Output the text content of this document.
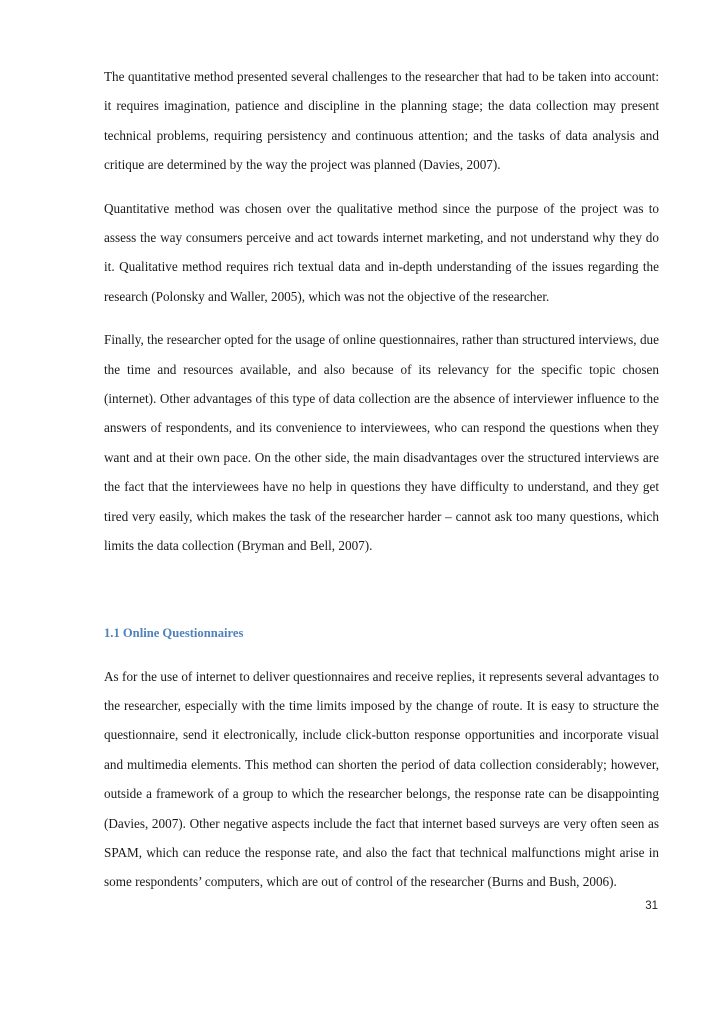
The quantitative method presented several challenges to the researcher that had to be taken into account: it requires imagination, patience and discipline in the planning stage; the data collection may present technical problems, requiring persistency and continuous attention; and the tasks of data analysis and critique are determined by the way the project was planned (Davies, 2007).

Quantitative method was chosen over the qualitative method since the purpose of the project was to assess the way consumers perceive and act towards internet marketing, and not understand why they do it. Qualitative method requires rich textual data and in-depth understanding of the issues regarding the research (Polonsky and Waller, 2005), which was not the objective of the researcher.

Finally, the researcher opted for the usage of online questionnaires, rather than structured interviews, due the time and resources available, and also because of its relevancy for the specific topic chosen (internet). Other advantages of this type of data collection are the absence of interviewer influence to the answers of respondents, and its convenience to interviewees, who can respond the questions when they want and at their own pace. On the other side, the main disadvantages over the structured interviews are the fact that the interviewees have no help in questions they have difficulty to understand, and they get tired very easily, which makes the task of the researcher harder – cannot ask too many questions, which limits the data collection (Bryman and Bell, 2007).

1.1 Online Questionnaires

As for the use of internet to deliver questionnaires and receive replies, it represents several advantages to the researcher, especially with the time limits imposed by the change of route. It is easy to structure the questionnaire, send it electronically, include click-button response opportunities and incorporate visual and multimedia elements. This method can shorten the period of data collection considerably; however, outside a framework of a group to which the researcher belongs, the response rate can be disappointing (Davies, 2007). Other negative aspects include the fact that internet based surveys are very often seen as SPAM, which can reduce the response rate, and also the fact that technical malfunctions might arise in some respondents’ computers, which are out of control of the researcher (Burns and Bush, 2006).

31
